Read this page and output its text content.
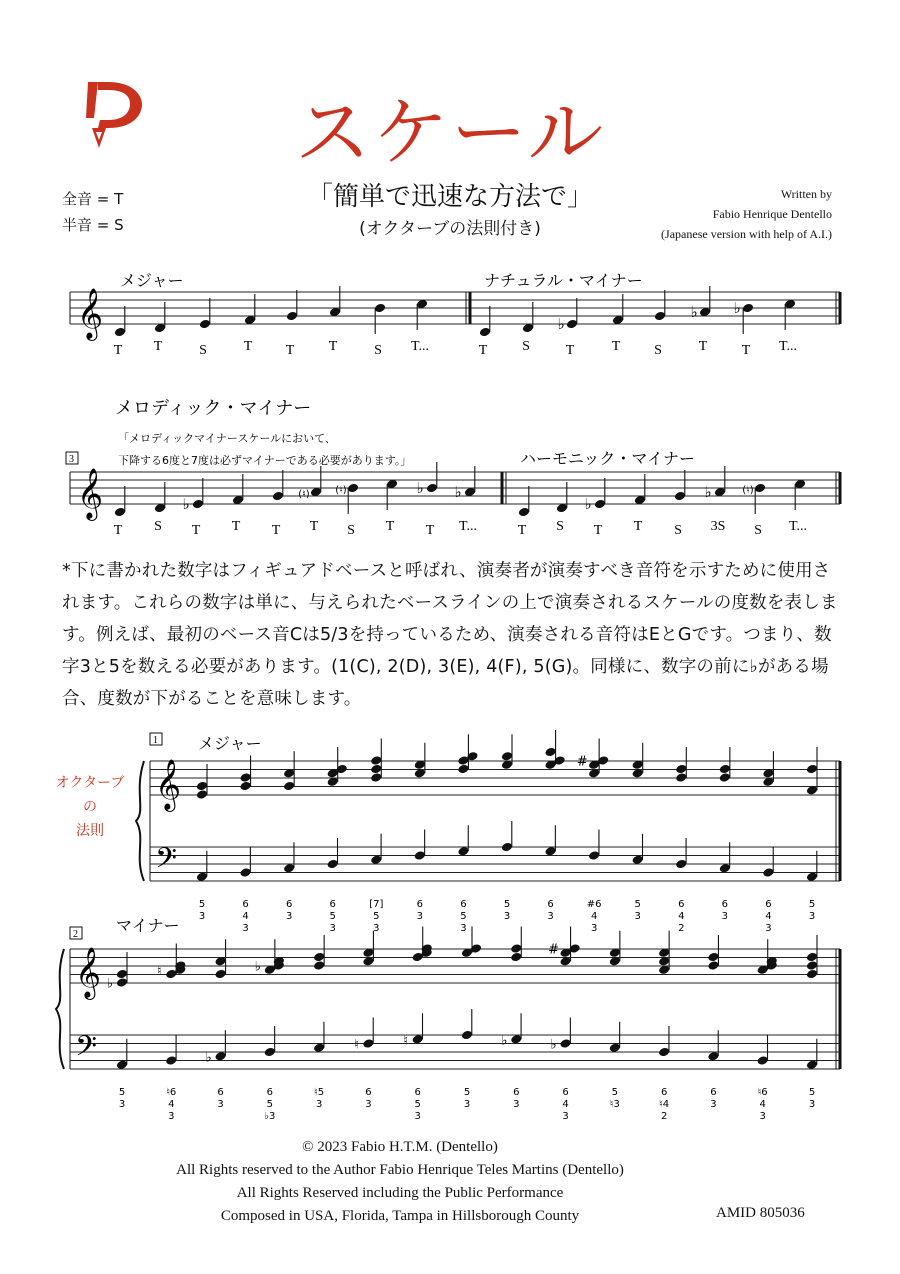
スケール
「簡単で迅速な方法で」
(オクターブの法則付き)
全音 = T
半音 = S
Written by
Fabio Henrique Dentello
(Japanese version with help of A.I.)
メジャー	ナチュラル・マイナー
𝄞	♭
♭ ♭
T T	S	T T T	S T...	T S	T	T S	T T T...
メロディック・マイナー
「メロディックマイナースケールにおいて、
下降する6度と7度は必ずマイナーである必要があります。」	ハーモニック・マイナー
3
𝄞	♭
(♮)	(♮)	♭ ♭
♭
♭	(♮)
T S T T T T S T T T...	T S T T S 3S S T...
*下に書かれた数字はフィギュアドベースと呼ばれ、演奏者が演奏すべき音符を示すために使用されます。これらの数字は単に、与えられたベースラインの上で演奏されるスケールの度数を表します。例えば、最初のベース音Cは5/3を持っているため、演奏される音符はEとGです。つまり、数字3と5を数える必要があります。(1(C), 2(D), 3(E), 4(F), 5(G)。同様に、数字の前に♭がある場合、度数が下がることを意味します。
オクターブ
の
法則
1	メジャー
𝄞
𝄢
5
3
6
4
3
6
3
6
5
3
[7]
5
3
6
3
6
5
3
5
3
6
3
#
#6
4
3
5
3
6
4
2
6
3
6
4
3
5
3
2 マイナー
𝄞
𝄢
♭
5
3
♮
♮6
4
3
♭
6
3
♭
6
5
♭3
♮5
3
♮
6
3
♮
6
5
3
5
3
♭
6
3
♭
#
6
4
3
5
♮3
6
♮4
2
6
3
♮6
4
3
5
3
© 2023 Fabio H.T.M. (Dentello)
All Rights reserved to the Author Fabio Henrique Teles Martins (Dentello)
All Rights Reserved including the Public Performance
Composed in USA, Florida, Tampa in Hillsborough County	AMID 805036
